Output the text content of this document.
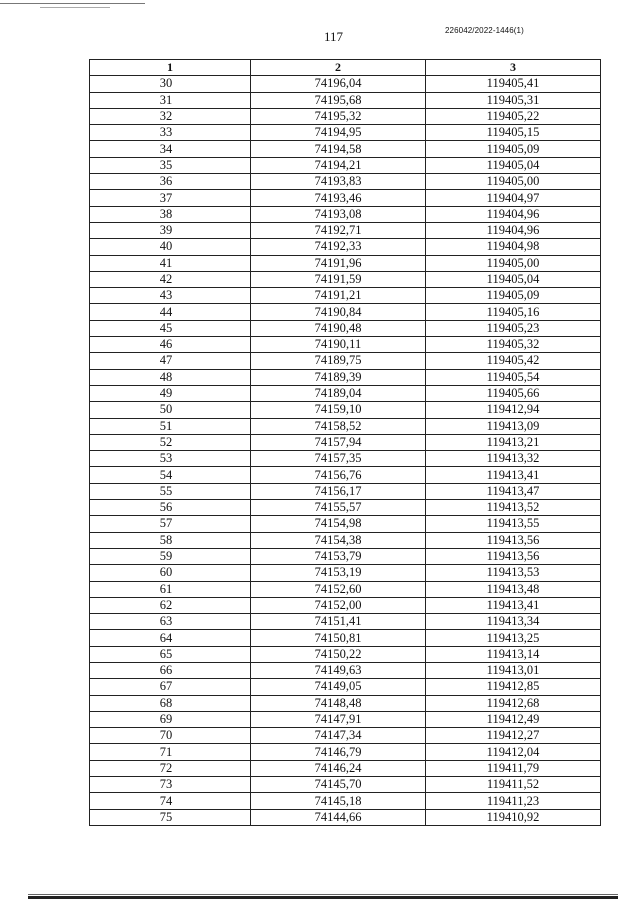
117	226042/2022-1446(1)
1	2	3
30	74196,04	119405,41
31	74195,68	119405,31
32	74195,32	119405,22
33	74194,95	119405,15
34	74194,58	119405,09
35	74194,21	119405,04
36	74193,83	119405,00
37	74193,46	119404,97
38	74193,08	119404,96
39	74192,71	119404,96
40	74192,33	119404,98
41	74191,96	119405,00
42	74191,59	119405,04
43	74191,21	119405,09
44	74190,84	119405,16
45	74190,48	119405,23
46	74190,11	119405,32
47	74189,75	119405,42
48	74189,39	119405,54
49	74189,04	119405,66
50	74159,10	119412,94
51	74158,52	119413,09
52	74157,94	119413,21
53	74157,35	119413,32
54	74156,76	119413,41
55	74156,17	119413,47
56	74155,57	119413,52
57	74154,98	119413,55
58	74154,38	119413,56
59	74153,79	119413,56
60	74153,19	119413,53
61	74152,60	119413,48
62	74152,00	119413,41
63	74151,41	119413,34
64	74150,81	119413,25
65	74150,22	119413,14
66	74149,63	119413,01
67	74149,05	119412,85
68	74148,48	119412,68
69	74147,91	119412,49
70	74147,34	119412,27
71	74146,79	119412,04
72	74146,24	119411,79
73	74145,70	119411,52
74	74145,18	119411,23
75	74144,66	119410,92
